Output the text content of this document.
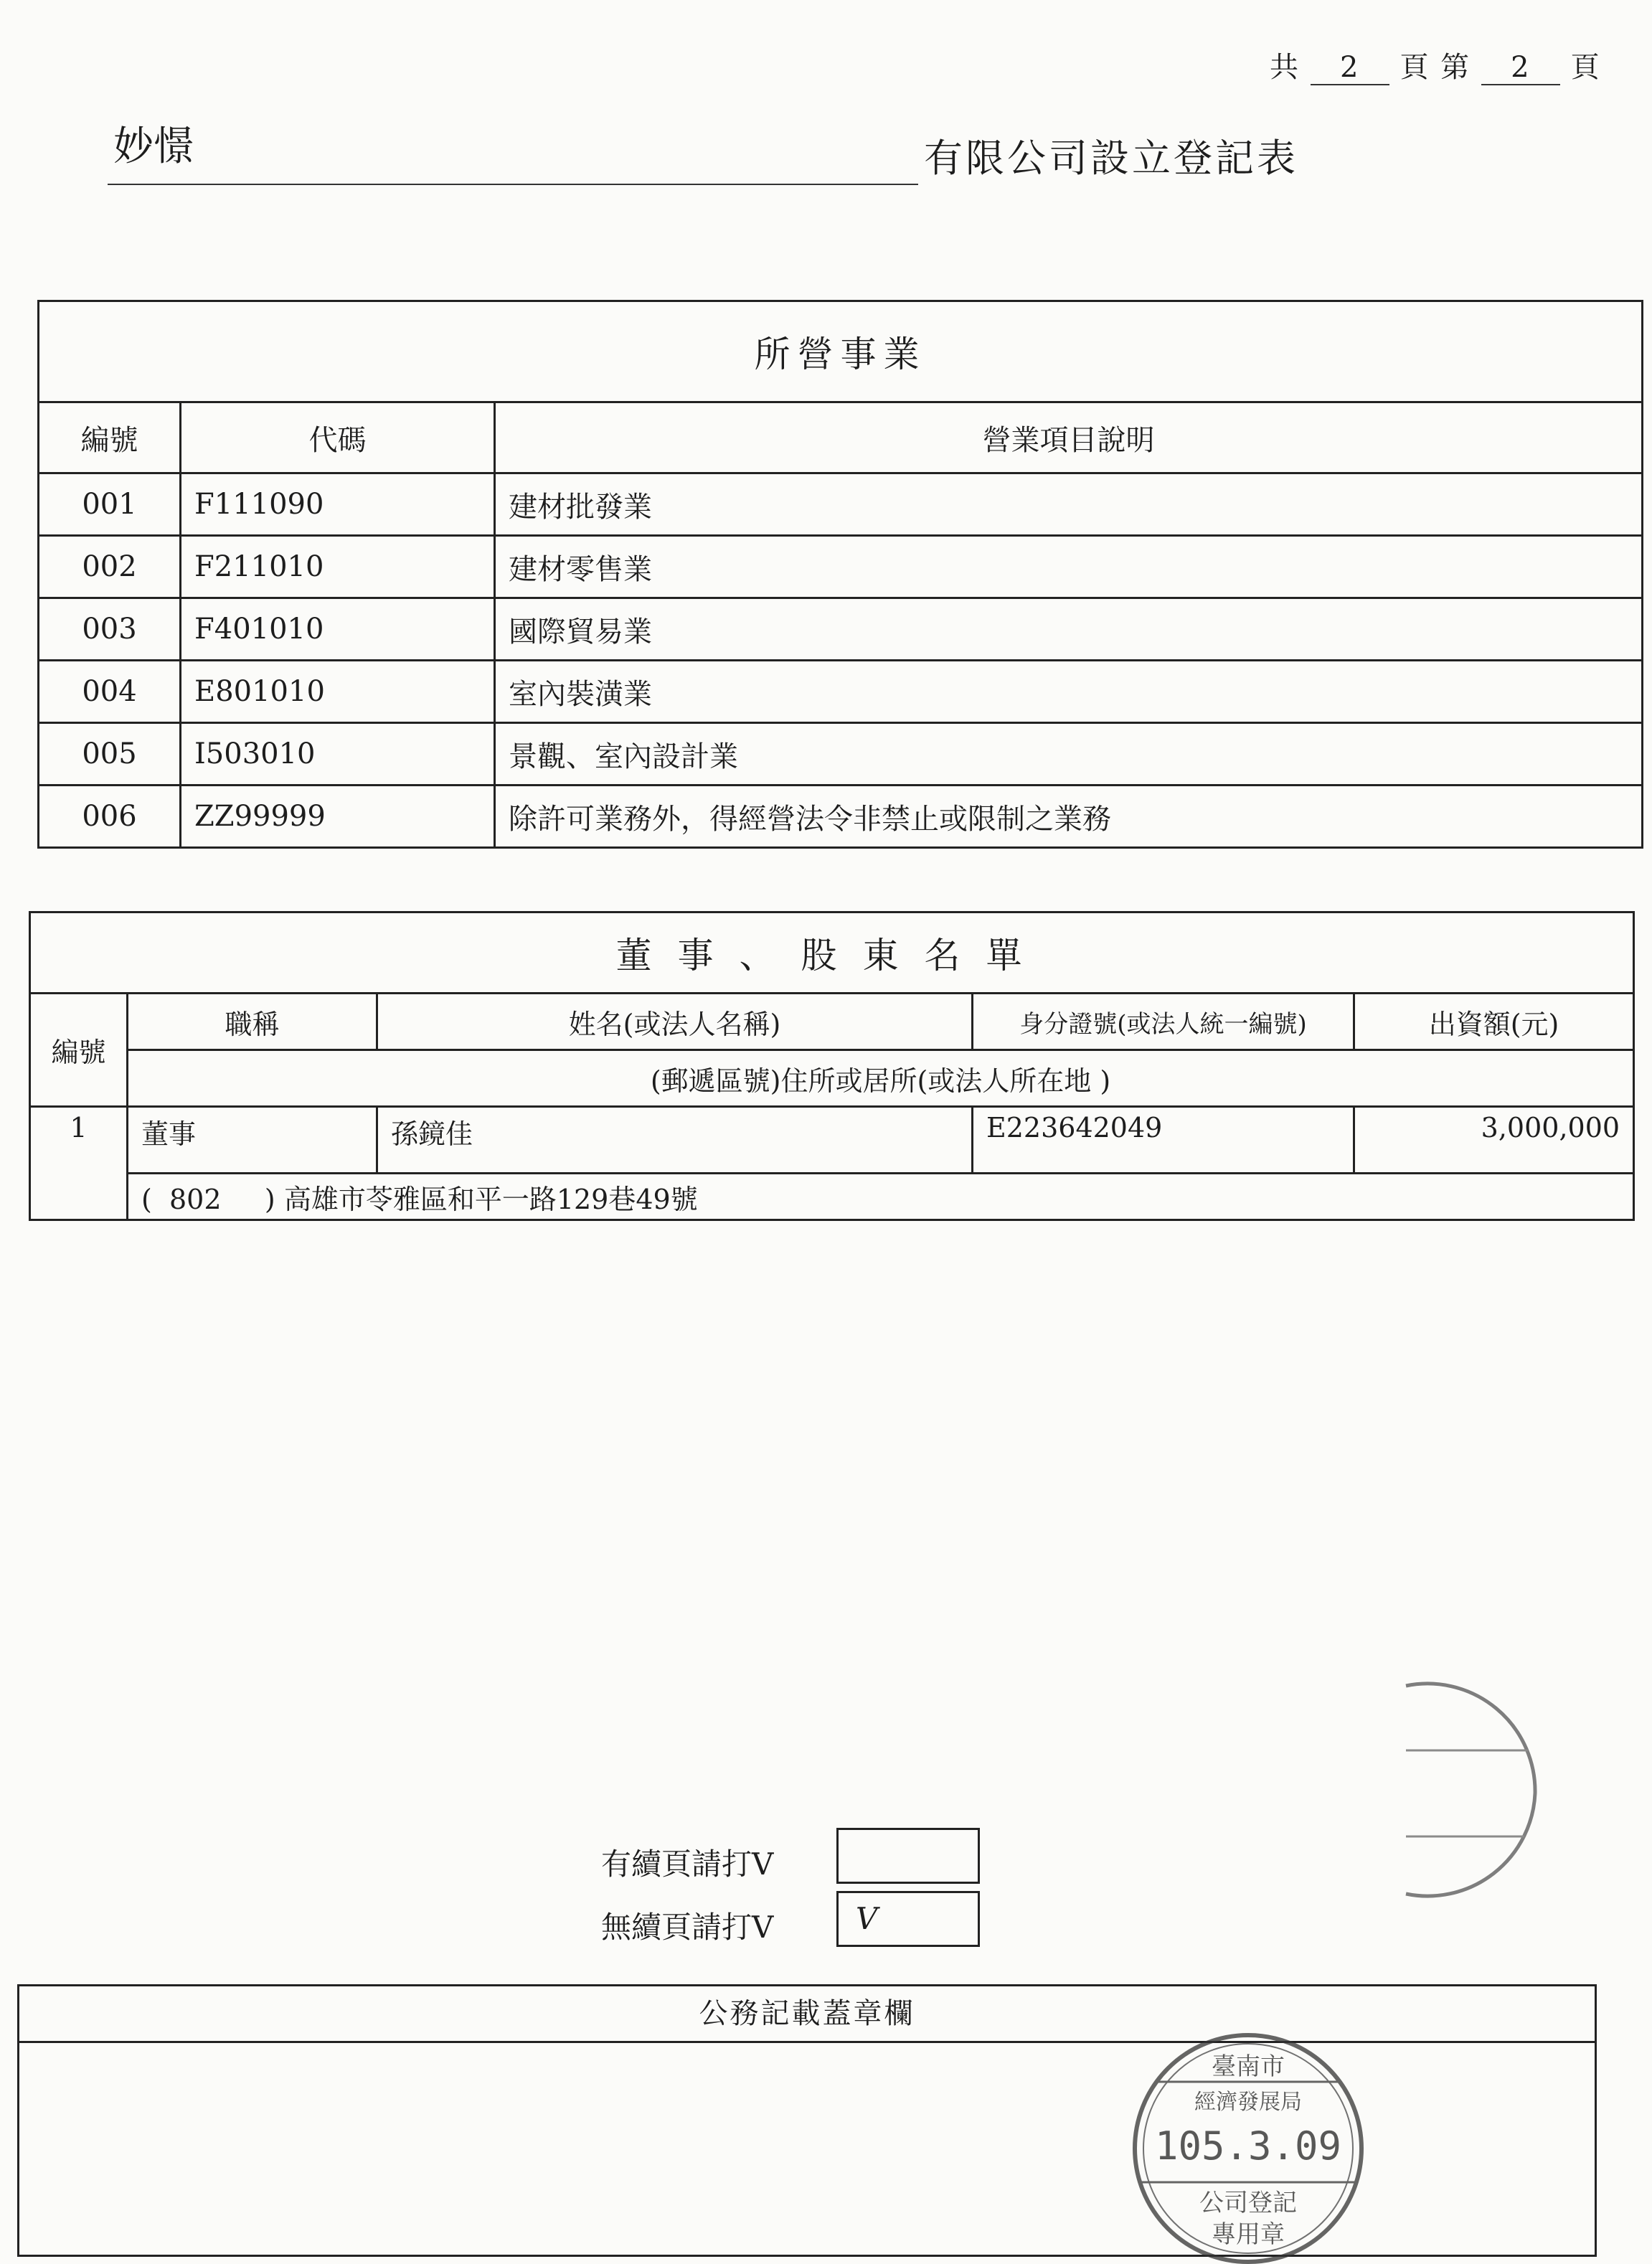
共 2 頁 第 2 頁
妙憬	有限公司設立登記表
所營事業		
編號	代碼	營業項目說明
001	F111090	建材批發業
002	F211010	建材零售業
003	F401010	國際貿易業
004	E801010	室內裝潢業
005	I503010	景觀、室內設計業
006	ZZ99999	除許可業務外，得經營法令非禁止或限制之業務
董事、股東名單				
編號	職稱	姓名(或法人名稱)	身分證號(或法人統一編號)	出資額(元)
	(郵遞區號)住所或居所(或法人所在地 )			
1	董事	孫鏡佳	E223642049	3,000,000
	(  802     ) 高雄市苓雅區和平一路129巷49號			
有續頁請打V
無續頁請打V	V
公務記載蓋章欄
臺南市
經濟發展局
105.3.09
公司登記
專用章
